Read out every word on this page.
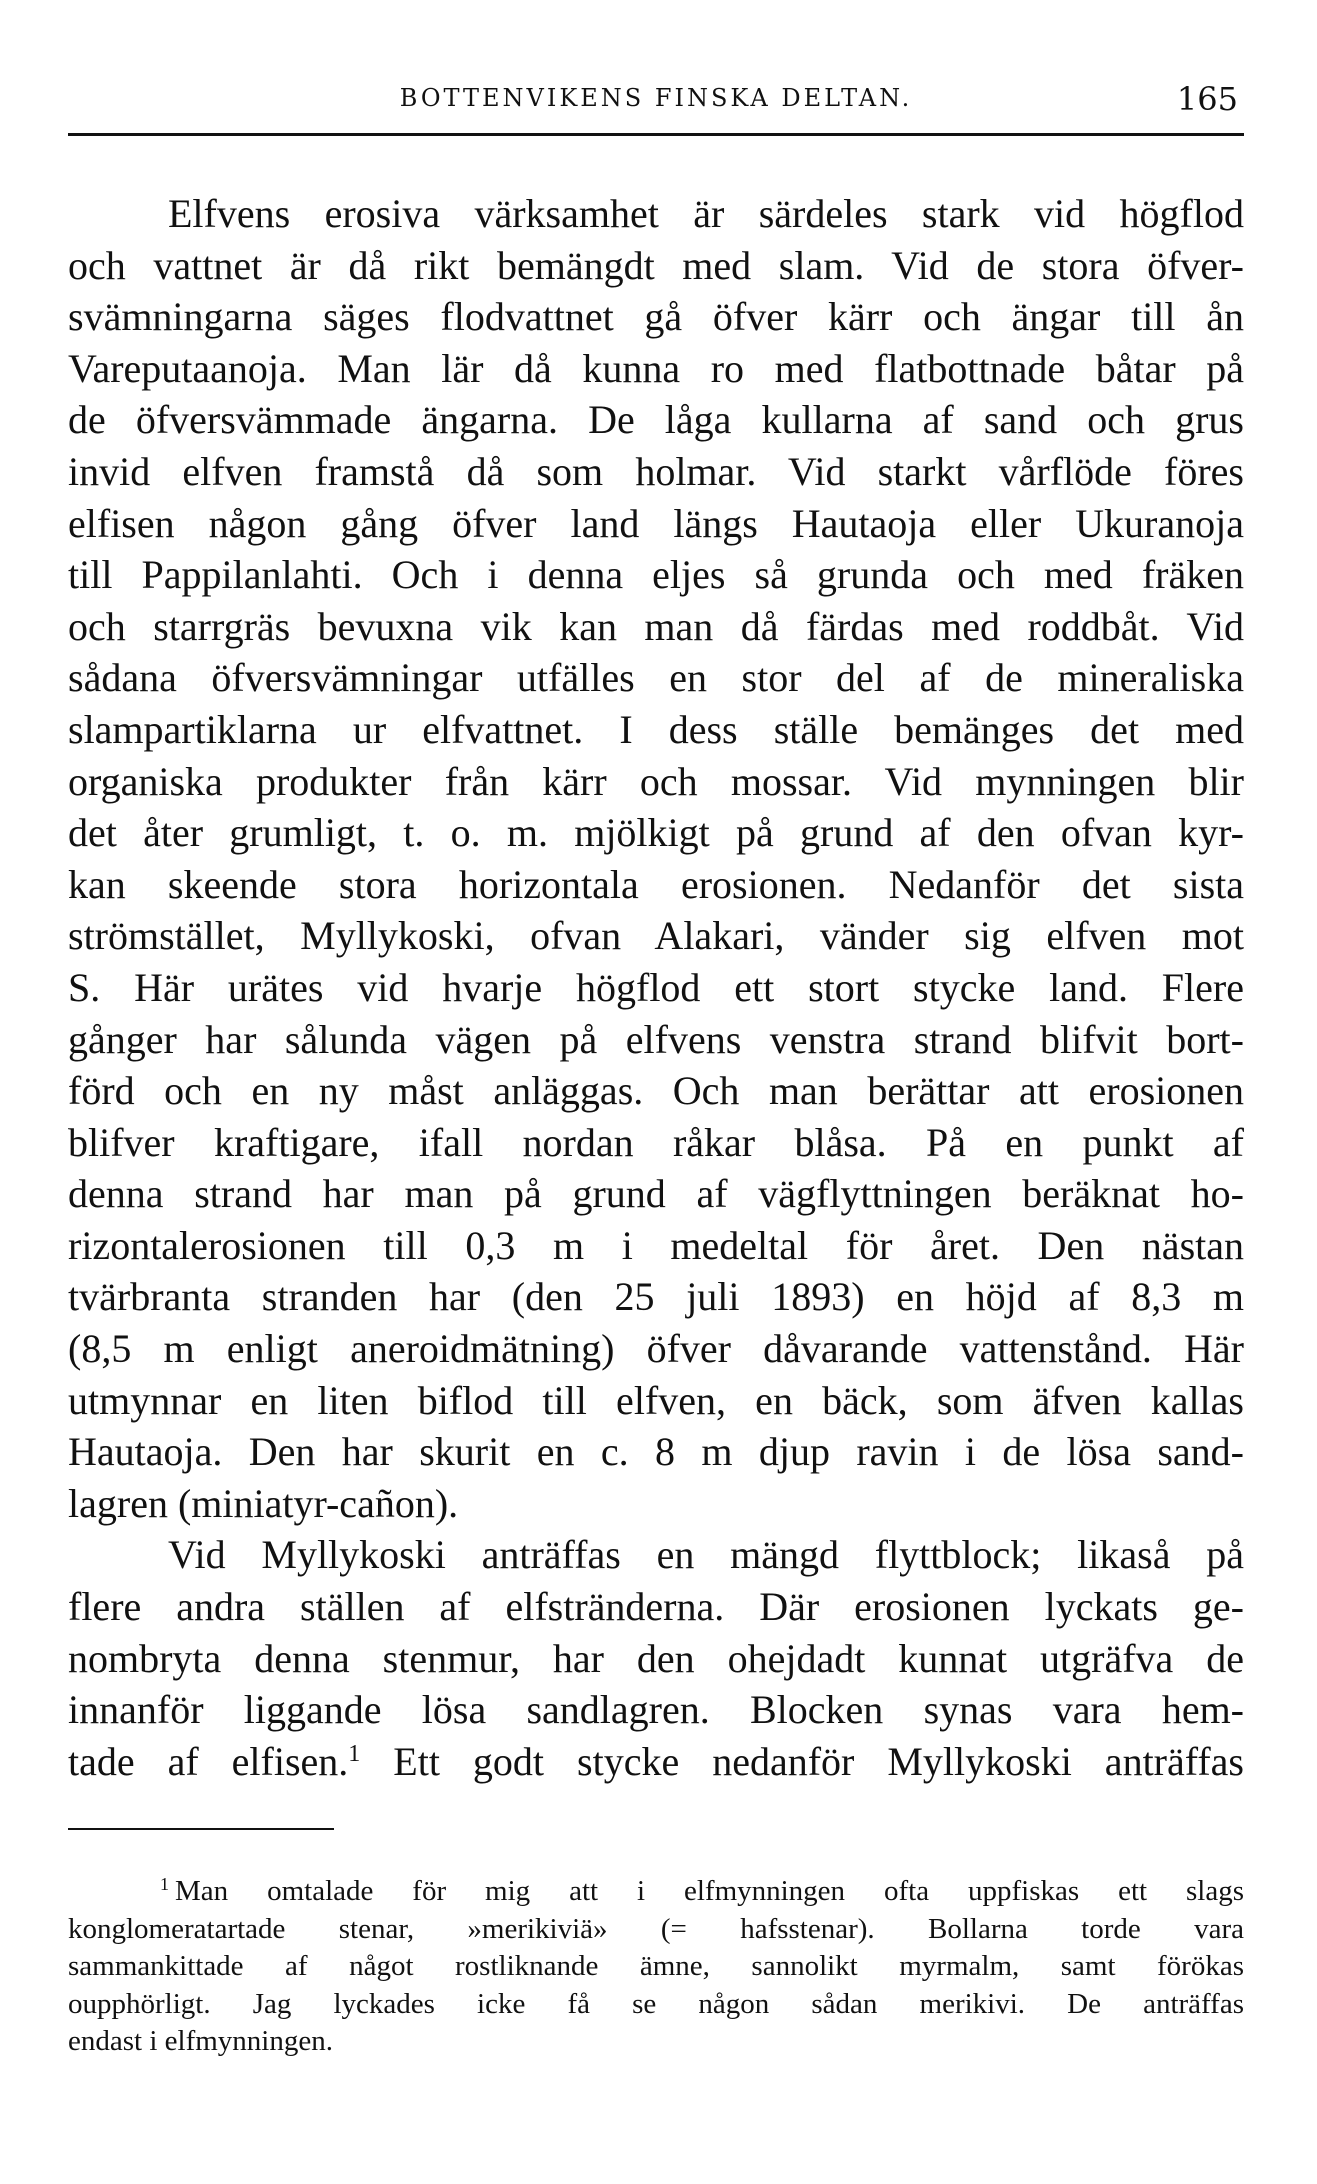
BOTTENVIKENS FINSKA DELTAN.	165
Elfvens erosiva värksamhet är särdeles stark vid högflod
och vattnet är då rikt bemängdt med slam. Vid de stora öfver-
svämningarna säges flodvattnet gå öfver kärr och ängar till ån
Vareputaanoja. Man lär då kunna ro med flatbottnade båtar på
de öfversvämmade ängarna. De låga kullarna af sand och grus
invid elfven framstå då som holmar. Vid starkt vårflöde föres
elfisen någon gång öfver land längs Hautaoja eller Ukuranoja
till Pappilanlahti. Och i denna eljes så grunda och med fräken
och starrgräs bevuxna vik kan man då färdas med roddbåt. Vid
sådana öfversvämningar utfälles en stor del af de mineraliska
slampartiklarna ur elfvattnet. I dess ställe bemänges det med
organiska produkter från kärr och mossar. Vid mynningen blir
det åter grumligt, t. o. m. mjölkigt på grund af den ofvan kyr-
kan skeende stora horizontala erosionen. Nedanför det sista
strömstället, Myllykoski, ofvan Alakari, vänder sig elfven mot
S. Här urätes vid hvarje högflod ett stort stycke land. Flere
gånger har sålunda vägen på elfvens venstra strand blifvit bort-
förd och en ny måst anläggas. Och man berättar att erosionen
blifver kraftigare, ifall nordan råkar blåsa. På en punkt af
denna strand har man på grund af vägflyttningen beräknat ho-
rizontalerosionen till 0,3 m i medeltal för året. Den nästan
tvärbranta stranden har (den 25 juli 1893) en höjd af 8,3 m
(8,5 m enligt aneroidmätning) öfver dåvarande vattenstånd. Här
utmynnar en liten biflod till elfven, en bäck, som äfven kallas
Hautaoja. Den har skurit en c. 8 m djup ravin i de lösa sand-
lagren (miniatyr-cañon).
Vid Myllykoski anträffas en mängd flyttblock; likaså på
flere andra ställen af elfstränderna. Där erosionen lyckats ge-
nombryta denna stenmur, har den ohejdadt kunnat utgräfva de
innanför liggande lösa sandlagren. Blocken synas vara hem-
tade af elfisen.$^1$ Ett godt stycke nedanför Myllykoski anträffas
$^1$ Man omtalade för mig att i elfmynningen ofta uppfiskas ett slags
konglomeratartade stenar, »merikiviä» (= hafsstenar). Bollarna torde vara
sammankittade af något rostliknande ämne, sannolikt myrmalm, samt förökas
oupphörligt. Jag lyckades icke få se någon sådan merikivi. De anträffas
endast i elfmynningen.
